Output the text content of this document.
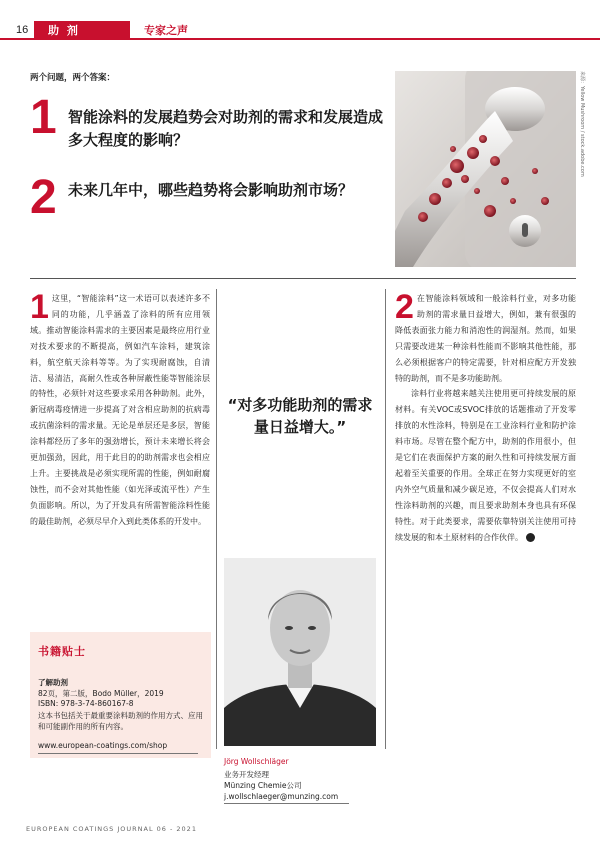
16 助 剂	专家之声
两个问题，两个答案：
1 智能涂料的发展趋势会对助剂的需求和发展造成多大程度的影响？
2 未来几年中，哪些趋势将会影响助剂市场？
来源：Yellow Mushroom / stock.adobe.com
1 这里，“智能涂料”这一术语可以表述许多不同的功能，几乎涵盖了涂料的所有应用领域。推动智能涂料需求的主要因素是最终应用行业对技术要求的不断提高，例如汽车涂料，建筑涂料，航空航天涂料等等。为了实现耐腐蚀，自清洁、易清洁，高耐久性或各种屏蔽性能等智能涂层的特性，必须针对这些要求采用各种助剂。此外，新冠病毒疫情进一步提高了对含相应助剂的抗病毒或抗菌涂料的需求量。无论是单层还是多层，智能涂料都经历了多年的强劲增长，预计未来增长将会更加强劲，因此，用于此目的的助剂需求也会相应上升。主要挑战是必须实现所需的性能，例如耐腐蚀性，而不会对其他性能（如光泽或流平性）产生负面影响。所以，为了开发具有所需智能涂料性能的最佳助剂，必须尽早介入到此类体系的开发中。
“对多功能助剂的需求量日益增大。”
Jörg Wollschläger
业务开发经理
Münzing Chemie公司
j.wollschlaeger@munzing.com

2 在智能涂料领域和一般涂料行业，对多功能助剂的需求量日益增大，例如，兼有很强的降低表面张力能力和消泡性的润湿剂。然而，如果只需要改进某一种涂料性能而不影响其他性能，那么必须根据客户的特定需要，针对相应配方开发独特的助剂，而不是多功能助剂。

涂料行业将越来越关注使用更可持续发展的原材料。有关VOC或SVOC排放的话题推动了开发零排放的水性涂料，特别是在工业涂料行业和防护涂料市场。尽管在整个配方中，助剂的作用很小，但是它们在表面保护方案的耐久性和可持续发展方面起着至关重要的作用。全球正在努力实现更好的室内外空气质量和减少碳足迹，不仅会提高人们对水性涂料助剂的兴趣，而且要求助剂本身也具有环保特性。对于此类要求，需要依靠特别关注使用可持续发展的和本土原材料的合作伙伴。	‹

书籍贴士
了解助剂
82页，第二版，Bodo Müller，2019
ISBN: 978-3-74-860167-8
这本书包括关于最重要涂料助剂的作用方式、应用和可能副作用的所有内容。
www.european-coatings.com/shop
EUROPEAN COATINGS JOURNAL 06 - 2021
